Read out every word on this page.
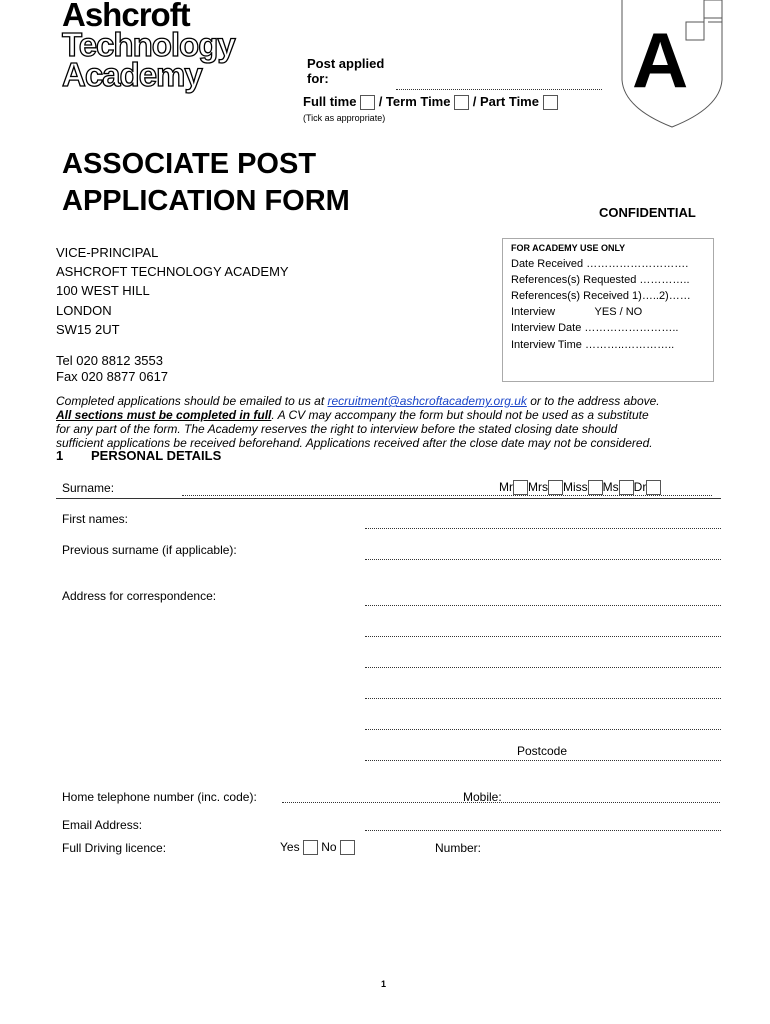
Ashcroft
Technology
Academy	A
Post applied
for:
Full time / Term Time / Part Time
(Tick as appropriate)
ASSOCIATE POST
APPLICATION FORM	CONFIDENTIAL
VICE-PRINCIPAL
ASHCROFT TECHNOLOGY ACADEMY
100 WEST HILL
LONDON
SW15 2UT
Tel 020 8812 3553
Fax 020 8877 0617
FOR ACADEMY USE ONLY
Date Received ……………………….
References(s) Requested …………..
References(s) Received 1)…..2)……
Interview             YES / NO
Interview Date ……………………..
Interview Time ………..…………..
Completed applications should be emailed to us at recruitment@ashcroftacademy.org.uk or to the address above.
All sections must be completed in full. A CV may accompany the form but should not be used as a substitute
for any part of the form. The Academy reserves the right to interview before the stated closing date should
sufficient applications be received beforehand. Applications received after the close date may not be considered.
1 PERSONAL DETAILS
Surname:	Mr Mrs Miss Ms Dr
First names:
Previous surname (if applicable):
Address for correspondence:
Postcode
Home telephone number (inc. code):	Mobile:
Email Address:
Full Driving licence:	Yes No	Number:
1
